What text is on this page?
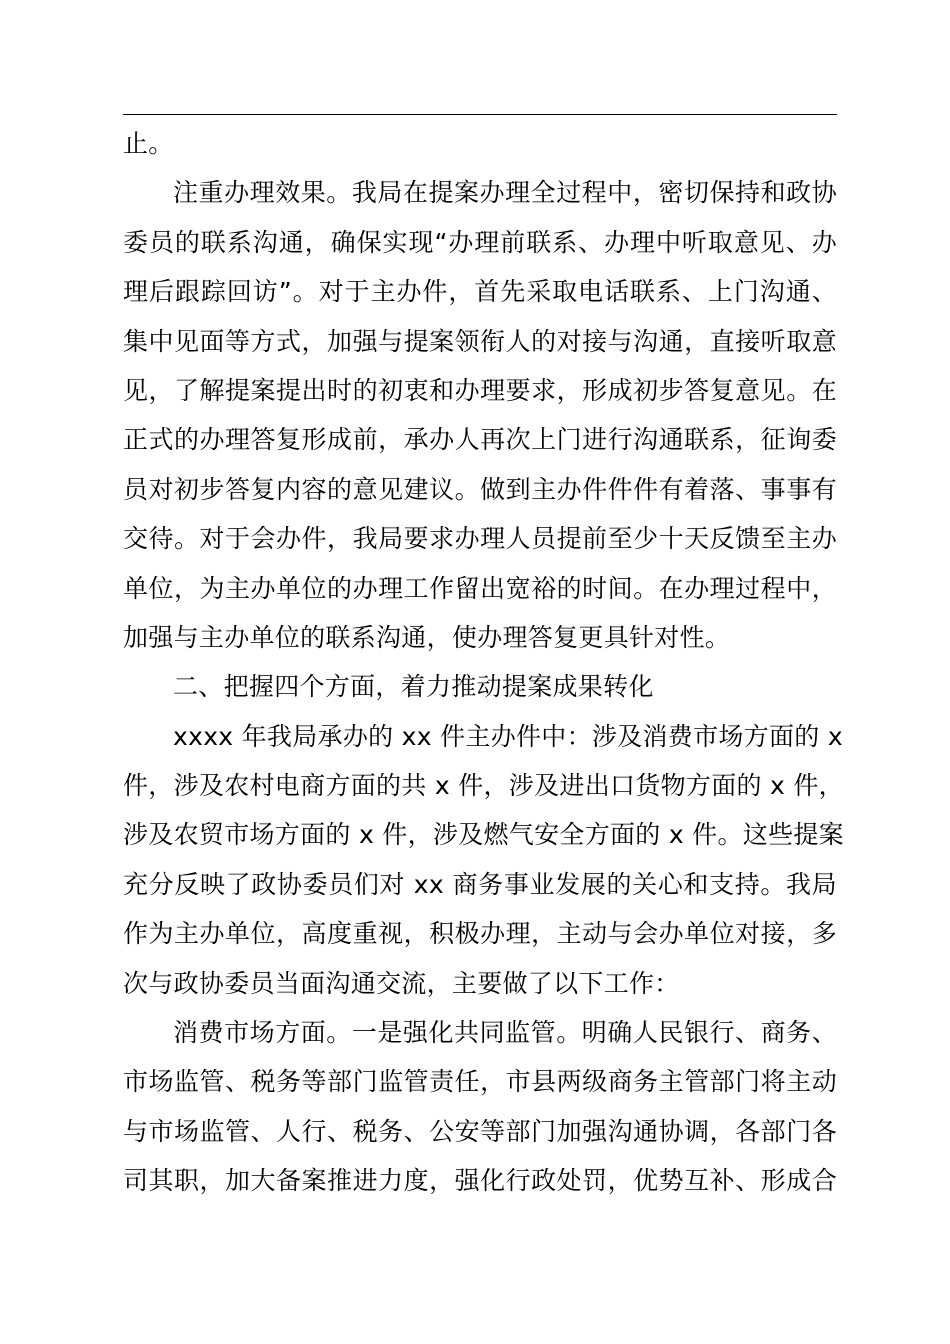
止。
注重办理效果。我局在提案办理全过程中，密切保持和政协
委员的联系沟通，确保实现“办理前联系、办理中听取意见、办
理后跟踪回访”。对于主办件，首先采取电话联系、上门沟通、
集中见面等方式，加强与提案领衔人的对接与沟通，直接听取意
见，了解提案提出时的初衷和办理要求，形成初步答复意见。在
正式的办理答复形成前，承办人再次上门进行沟通联系，征询委
员对初步答复内容的意见建议。做到主办件件件有着落、事事有
交待。对于会办件，我局要求办理人员提前至少十天反馈至主办
单位，为主办单位的办理工作留出宽裕的时间。在办理过程中，
加强与主办单位的联系沟通，使办理答复更具针对性。
二、把握四个方面，着力推动提案成果转化
xxxx 年我局承办的 xx 件主办件中：涉及消费市场方面的 x
件，涉及农村电商方面的共 x 件，涉及进出口货物方面的 x 件，
涉及农贸市场方面的 x 件，涉及燃气安全方面的 x 件。这些提案
充分反映了政协委员们对 xx 商务事业发展的关心和支持。我局
作为主办单位，高度重视，积极办理，主动与会办单位对接，多
次与政协委员当面沟通交流，主要做了以下工作：
消费市场方面。一是强化共同监管。明确人民银行、商务、
市场监管、税务等部门监管责任，市县两级商务主管部门将主动
与市场监管、人行、税务、公安等部门加强沟通协调，各部门各
司其职，加大备案推进力度，强化行政处罚，优势互补、形成合
